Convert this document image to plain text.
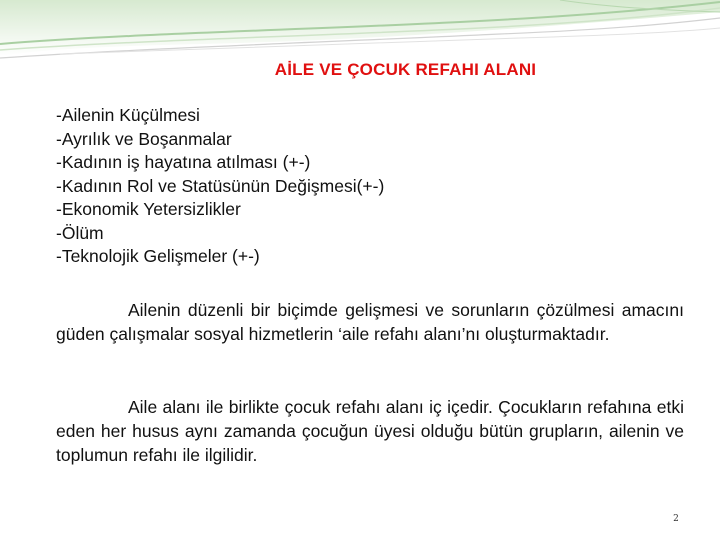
AİLE VE ÇOCUK REFAHI ALANI
-Ailenin Küçülmesi
-Ayrılık ve Boşanmalar
-Kadının iş hayatına atılması (+-)
-Kadının Rol ve Statüsünün Değişmesi(+-)
-Ekonomik Yetersizlikler
-Ölüm
-Teknolojik Gelişmeler (+-)

Ailenin düzenli bir biçimde gelişmesi ve sorunların çözülmesi amacını güden çalışmalar sosyal hizmetlerin ‘aile refahı alanı’nı oluşturmaktadır.

Aile alanı ile birlikte çocuk refahı alanı iç içedir. Çocukların refahına etki eden her husus aynı zamanda çocuğun üyesi olduğu bütün grupların, ailenin ve toplumun refahı ile ilgilidir.

2
